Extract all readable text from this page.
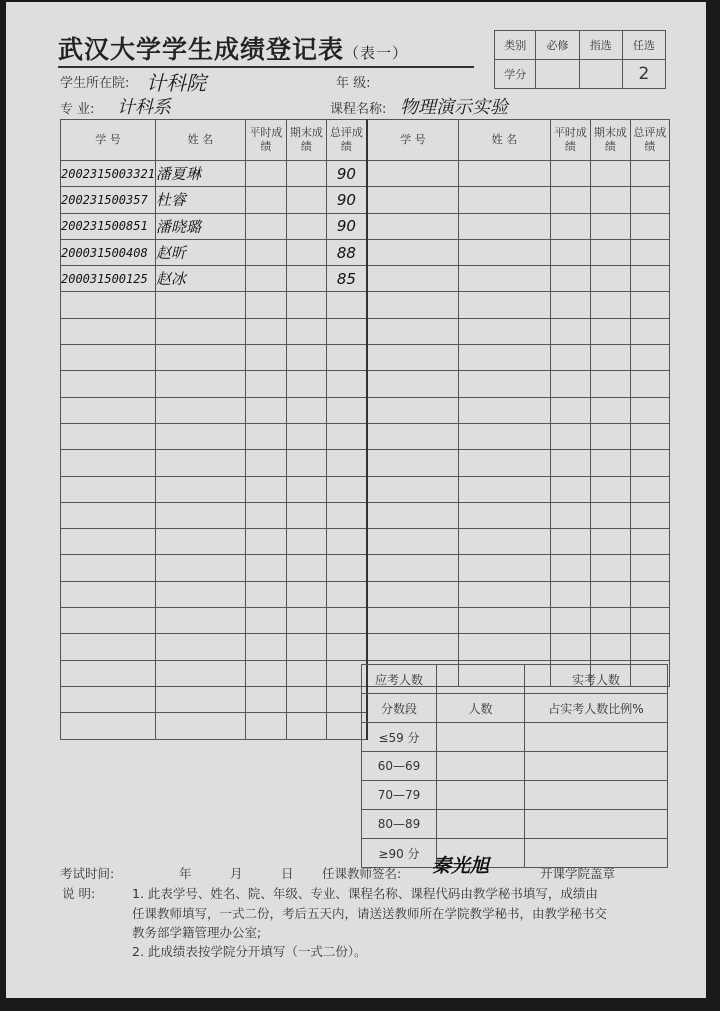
武汉大学学生成绩登记表（表一）	类别	必修	指选	任选
学分			2
学生所在院: 计科院	年 级:
专 业: 计科系	课程名称: 物理演示实验
学 号	姓 名	平时成绩	期末成绩	总评成绩	学 号	姓 名	平时成绩	期末成绩	总评成绩
2002315003321	潘夏琳			90					
200231500357	杜睿			90					
200231500851	潘晓璐			90					
200031500408	赵昕			88					
200031500125	赵冰			85					

应考人数		实考人数
分数段	人数	占实考人数比例%
≤59 分		
60—69		
70—79		
80—89		
≥90 分		
考试时间:	年	月	日 任课教师签名: 秦光旭	开课学院盖章
说 明:	1. 此表学号、姓名、院、年级、专业、课程名称、课程代码由教学秘书填写，成绩由
任课教师填写，一式二份，考后五天内，请送送教师所在学院教学秘书，由教学秘书交
教务部学籍管理办公室;
2. 此成绩表按学院分开填写（一式二份）。
